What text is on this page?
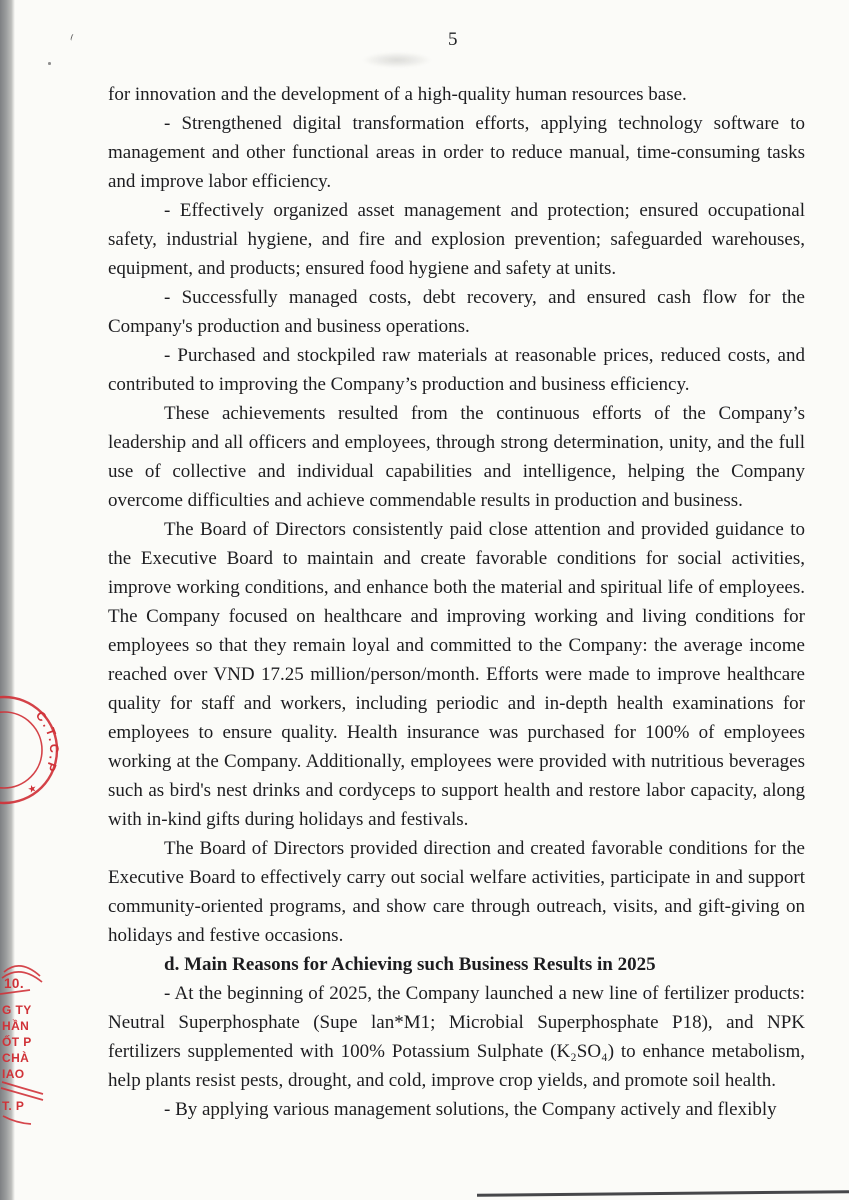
5

for innovation and the development of a high-quality human resources base.

- Strengthened digital transformation efforts, applying technology software to management and other functional areas in order to reduce manual, time-consuming tasks and improve labor efficiency.

- Effectively organized asset management and protection; ensured occupational safety, industrial hygiene, and fire and explosion prevention; safeguarded warehouses, equipment, and products; ensured food hygiene and safety at units.

- Successfully managed costs, debt recovery, and ensured cash flow for the Company's production and business operations.

- Purchased and stockpiled raw materials at reasonable prices, reduced costs, and contributed to improving the Company’s production and business efficiency.

These achievements resulted from the continuous efforts of the Company’s leadership and all officers and employees, through strong determination, unity, and the full use of collective and individual capabilities and intelligence, helping the Company overcome difficulties and achieve commendable results in production and business.

The Board of Directors consistently paid close attention and provided guidance to the Executive Board to maintain and create favorable conditions for social activities, improve working conditions, and enhance both the material and spiritual life of employees. The Company focused on healthcare and improving working and living conditions for employees so that they remain loyal and committed to the Company: the average income reached over VND 17.25 million/person/month. Efforts were made to improve healthcare quality for staff and workers, including periodic and in-depth health examinations for employees to ensure quality. Health insurance was purchased for 100% of employees working at the Company. Additionally, employees were provided with nutritious beverages such as bird's nest drinks and cordyceps to support health and restore labor capacity, along with in-kind gifts during holidays and festivals.

The Board of Directors provided direction and created favorable conditions for the Executive Board to effectively carry out social welfare activities, participate in and support community-oriented programs, and show care through outreach, visits, and gift-giving on holidays and festive occasions.

d. Main Reasons for Achieving such Business Results in 2025

- At the beginning of 2025, the Company launched a new line of fertilizer products: Neutral Superphosphate (Supe lan*M1; Microbial Superphosphate P18), and NPK fertilizers supplemented with 100% Potassium Sulphate (K₂SO₄) to enhance metabolism, help plants resist pests, drought, and cold, improve crop yields, and promote soil health.

- By applying various management solutions, the Company actively and flexibly

C.T.C.P
★
10.
G TY
HẦN
ỐT P
CHÀ
IAO
T. P
